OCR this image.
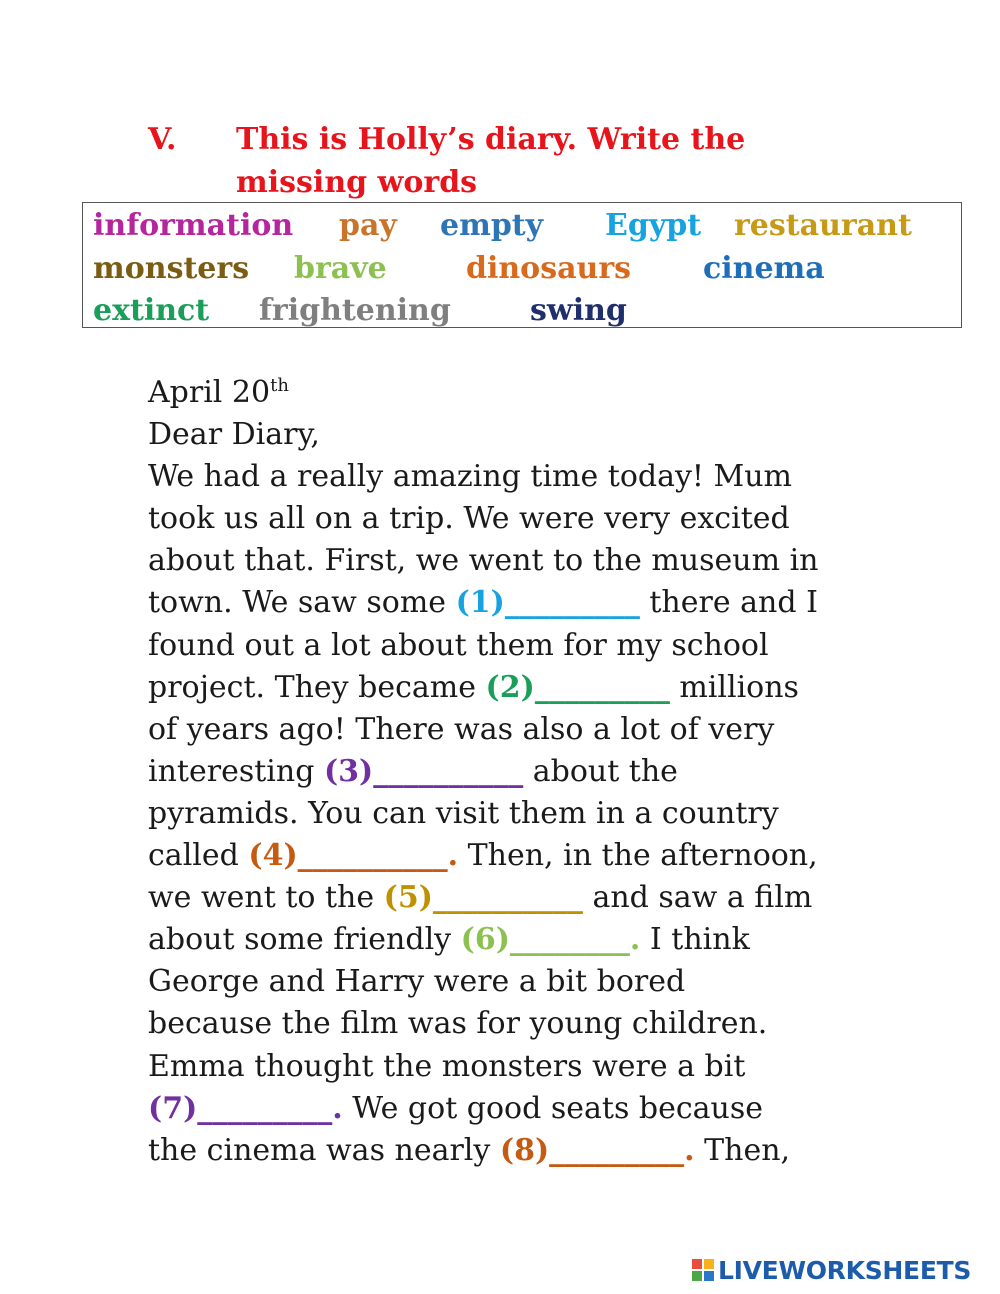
V. This is Holly’s diary. Write the missing words
information pay empty Egypt restaurant
monsters brave	dinosaurs cinema
extinct frightening	swing
April 20th
Dear Diary,
We had a really amazing time today! Mum
took us all on a trip. We were very excited
about that. First, we went to the museum in
town. We saw some (1)_________ there and I
found out a lot about them for my school
project. They became (2)_________ millions
of years ago! There was also a lot of very
interesting (3)__________ about the
pyramids. You can visit them in a country
called (4)__________. Then, in the afternoon,
we went to the (5)__________ and saw a film
about some friendly (6)________. I think
George and Harry were a bit bored
because the film was for young children.
Emma thought the monsters were a bit
(7)_________. We got good seats because
the cinema was nearly (8)_________. Then,
LIVEWORKSHEETS
